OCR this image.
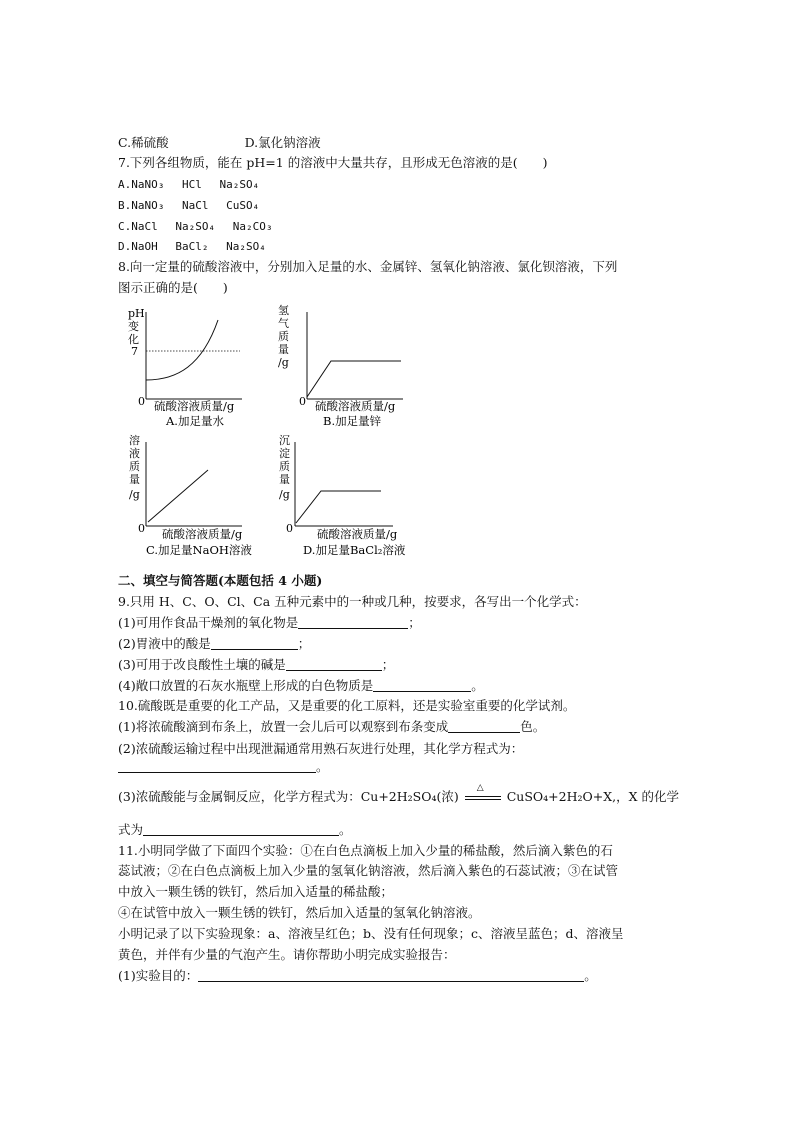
C.稀硫酸	D.氯化钠溶液
7.下列各组物质，能在 pH=1 的溶液中大量共存，且形成无色溶液的是(　　)
A.NaNO₃　 HCl　 Na₂SO₄
B.NaNO₃　 NaCl　 CuSO₄
C.NaCl　 Na₂SO₄　 Na₂CO₃
D.NaOH　 BaCl₂　 Na₂SO₄
8.向一定量的硫酸溶液中，分别加入足量的水、金属锌、氢氧化钠溶液、氯化钡溶液，下列
图示正确的是(　　)
pH
变
化
7
0 硫酸溶液质量/g
A.加足量水
氢
气
质
量
/g
0 硫酸溶液质量/g
B.加足量锌
溶
液
质
量
/g
0 硫酸溶液质量/g
C.加足量NaOH溶液
沉
淀
质
量
/g
0 硫酸溶液质量/g
D.加足量BaCl₂溶液
二、填空与简答题(本题包括 4 小题)
9.只用 H、C、O、Cl、Ca 五种元素中的一种或几种，按要求，各写出一个化学式：
(1)可用作食品干燥剂的氧化物是	；
(2)胃液中的酸是	；
(3)可用于改良酸性土壤的碱是	；
(4)敞口放置的石灰水瓶壁上形成的白色物质是	。
10.硫酸既是重要的化工产品，又是重要的化工原料，还是实验室重要的化学试剂。
(1)将浓硫酸滴到布条上，放置一会儿后可以观察到布条变成	色。
(2)浓硫酸运输过程中出现泄漏通常用熟石灰进行处理，其化学方程式为：
。
(3)浓硫酸能与金属铜反应，化学方程式为：Cu+2H₂SO₄(浓)
△
CuSO₄+2H₂O+X,，X 的化学
式为	。
11.小明同学做了下面四个实验：①在白色点滴板上加入少量的稀盐酸，然后滴入紫色的石
蕊试液；②在白色点滴板上加入少量的氢氧化钠溶液，然后滴入紫色的石蕊试液；③在试管
中放入一颗生锈的铁钉，然后加入适量的稀盐酸；
④在试管中放入一颗生锈的铁钉，然后加入适量的氢氧化钠溶液。
小明记录了以下实验现象：a、溶液呈红色；b、没有任何现象；c、溶液呈蓝色；d、溶液呈
黄色，并伴有少量的气泡产生。请你帮助小明完成实验报告：
(1)实验目的：	。
